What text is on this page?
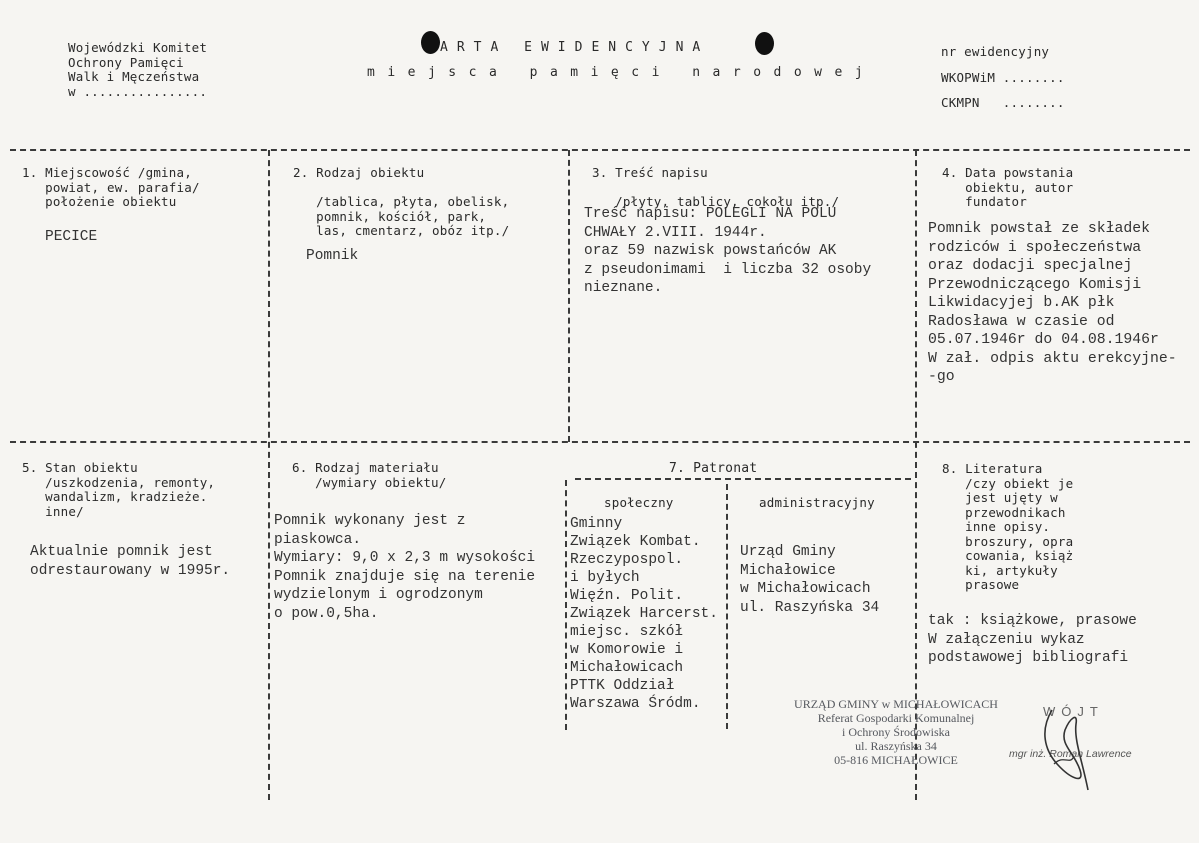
Wojewódzki Komitet
Ochrony Pamięci
Walk i Męczeństwa
w ................
ARTA EWIDENCYJNA
miejsca pamięci narodowej
nr ewidencyjny
WKOPWiM ........
CKMPN   ........
1. Miejscowość /gmina,
powiat, ew. parafia/
położenie obiektu
PECICE
2. Rodzaj obiektu

/tablica, płyta, obelisk,
pomnik, kościół, park,
las, cmentarz, obóz itp./
Pomnik
3. Treść napisu

/płyty, tablicy, cokołu itp./
Treść napisu: POLEGLI NA POLU
CHWAŁY 2.VIII. 1944r.
oraz 59 nazwisk powstańców AK
z pseudonimami  i liczba 32 osoby
nieznane.
4. Data powstania
obiektu, autor
fundator
Pomnik powstał ze składek
rodziców i społeczeństwa
oraz dodacji specjalnej
Przewodniczącego Komisji
Likwidacyjej b.AK płk
Radosława w czasie od
05.07.1946r do 04.08.1946r
W zał. odpis aktu erekcyjne-
-go
5. Stan obiektu
/uszkodzenia, remonty,
wandalizm, kradzieże.
inne/
Aktualnie pomnik jest
odrestaurowany w 1995r.
6. Rodzaj materiału
/wymiary obiektu/
Pomnik wykonany jest z
piaskowca.
Wymiary: 9,0 x 2,3 m wysokości
Pomnik znajduje się na terenie
wydzielonym i ogrodzonym
o pow.0,5ha.
7. Patronat
społeczny
Gminny
Związek Kombat.
Rzeczypospol.
i byłych
Więźn. Polit.
Związek Harcerst.
miejsc. szkół
w Komorowie i
Michałowicach
PTTK Oddział
Warszawa Śródm.
administracyjny
Urząd Gminy
Michałowice
w Michałowicach
ul. Raszyńska 34
8. Literatura
/czy obiekt je
jest ujęty w
przewodnikach
inne opisy.
broszury, opra
cowania, książ
ki, artykuły
prasowe
tak : książkowe, prasowe
W załączeniu wykaz
podstawowej bibliografi
URZĄD GMINY w MICHAŁOWICACH
Referat Gospodarki Komunalnej
i Ochrony Środowiska
ul. Raszyńska 34
05-816 MICHAŁOWICE
WÓJT
mgr inż. Roman Lawrence
